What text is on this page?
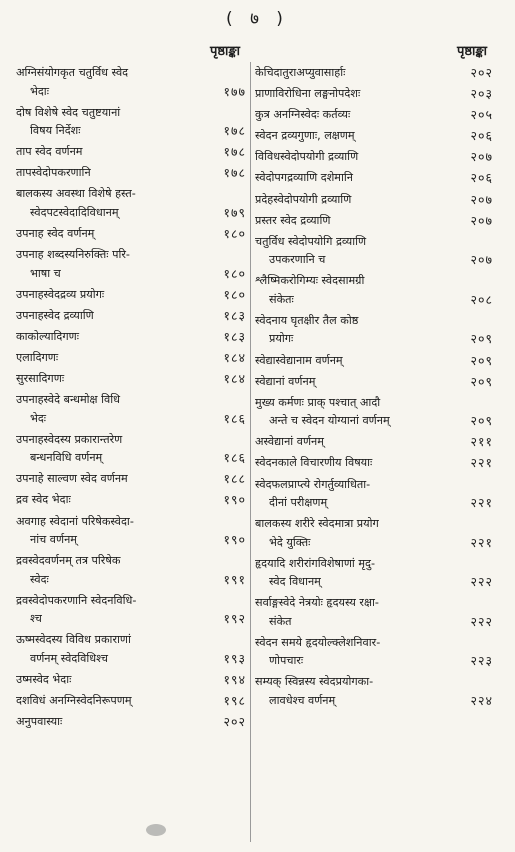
( ७ )
पृष्ठाङ्का
अग्निसंयोगकृत चतुर्विध स्वेद
भेदाः	१७७
दोष विशेषे स्वेद चतुष्टयानां
विषय निर्देशः	१७८
ताप स्वेद वर्णनम	१७८
तापस्वेदोपकरणानि	१७८
बालकस्य अवस्था विशेषे हस्त-
स्वेदपटस्वेदादिविधानम्	१७९
उपनाह स्वेद वर्णनम्	१८०
उपनाह शब्दस्यनिरुक्तिः परि-
भाषा च	१८०
उपनाहस्वेदद्रव्य प्रयोगः	१८०
उपनाहस्वेद द्रव्याणि	१८३
काकोल्यादिगणः	१८३
एलादिगणः	१८४
सुरसादिगणः	१८४
उपनाहस्वेदे बन्धमोक्ष विधि
भेदः	१८६
उपनाहस्वेदस्य प्रकारान्तरेण
बन्धनविधि वर्णनम्	१८६
उपनाहे साल्वण स्वेद वर्णनम	१८८
द्रव स्वेद भेदाः	१९०
अवगाह स्वेदानां परिषेकस्वेदा-
नांच वर्णनम्	१९०
द्रवस्वेदवर्णनम् तत्र परिषेक
स्वेदः	१९१
द्रवस्वेदोपकरणानि स्वेदनविधि-
श्च	१९२
ऊष्मस्वेदस्य विविध प्रकाराणां
वर्णनम् स्वेदविधिश्च	१९३
उष्मस्वेद भेदाः	१९४
दशविधं अनग्निस्वेदनिरूपणम्	१९८
अनुपवास्याः	२०२
पृष्ठाङ्का
केचिदातुराअप्युवासार्हाः	२०२
प्राणाविरोधिना लङ्घनोपदेशः	२०३
कुत्र अनग्निस्वेदः कर्तव्यः	२०५
स्वेदन द्रव्यगुणाः, लक्षणम्	२०६
विविधस्वेदोपयोगी द्रव्याणि	२०७
स्वेदोपगद्रव्याणि दशेमानि	२०६
प्रदेहस्वेदोपयोगी द्रव्याणि	२०७
प्रस्तर स्वेद द्रव्याणि	२०७
चतुर्विध स्वेदोपयोगि द्रव्याणि
उपकरणानि च	२०७
श्लैष्मिकरोगिम्यः स्वेदसामग्री
संकेतः	२०८
स्वेदनाय घृतक्षीर तैल कोष्ठ
प्रयोगः	२०९
स्वेद्यास्वेद्यानाम वर्णनम्	२०९
स्वेद्यानां वर्णनम्	२०९
मुख्य कर्मणः प्राक् पश्चात् आदौ
अन्ते च स्वेदन योग्यानां वर्णनम्	२०९
अस्वेद्यानां वर्णनम्	२११
स्वेदनकाले विचारणीय विषयाः	२२१
स्वेदफलप्राप्त्ये रोगर्तुव्याधिता-
दीनां परीक्षणम्	२२१
बालकस्य शरीरे स्वेदमात्रा प्रयोग
भेदे युक्तिः	२२१
हृदयादि शरीरांगविशेषाणां मृदु-
स्वेद विधानम्	२२२
सर्वाङ्गस्वेदे नेत्रयोः हृदयस्य रक्षा-
संकेत	२२२
स्वेदन समये हृदयोल्क्लेशनिवार-
णोपचारः	२२३
सम्यक् स्विन्नस्य स्वेदप्रयोगका-
लावधेश्च वर्णनम्	२२४
